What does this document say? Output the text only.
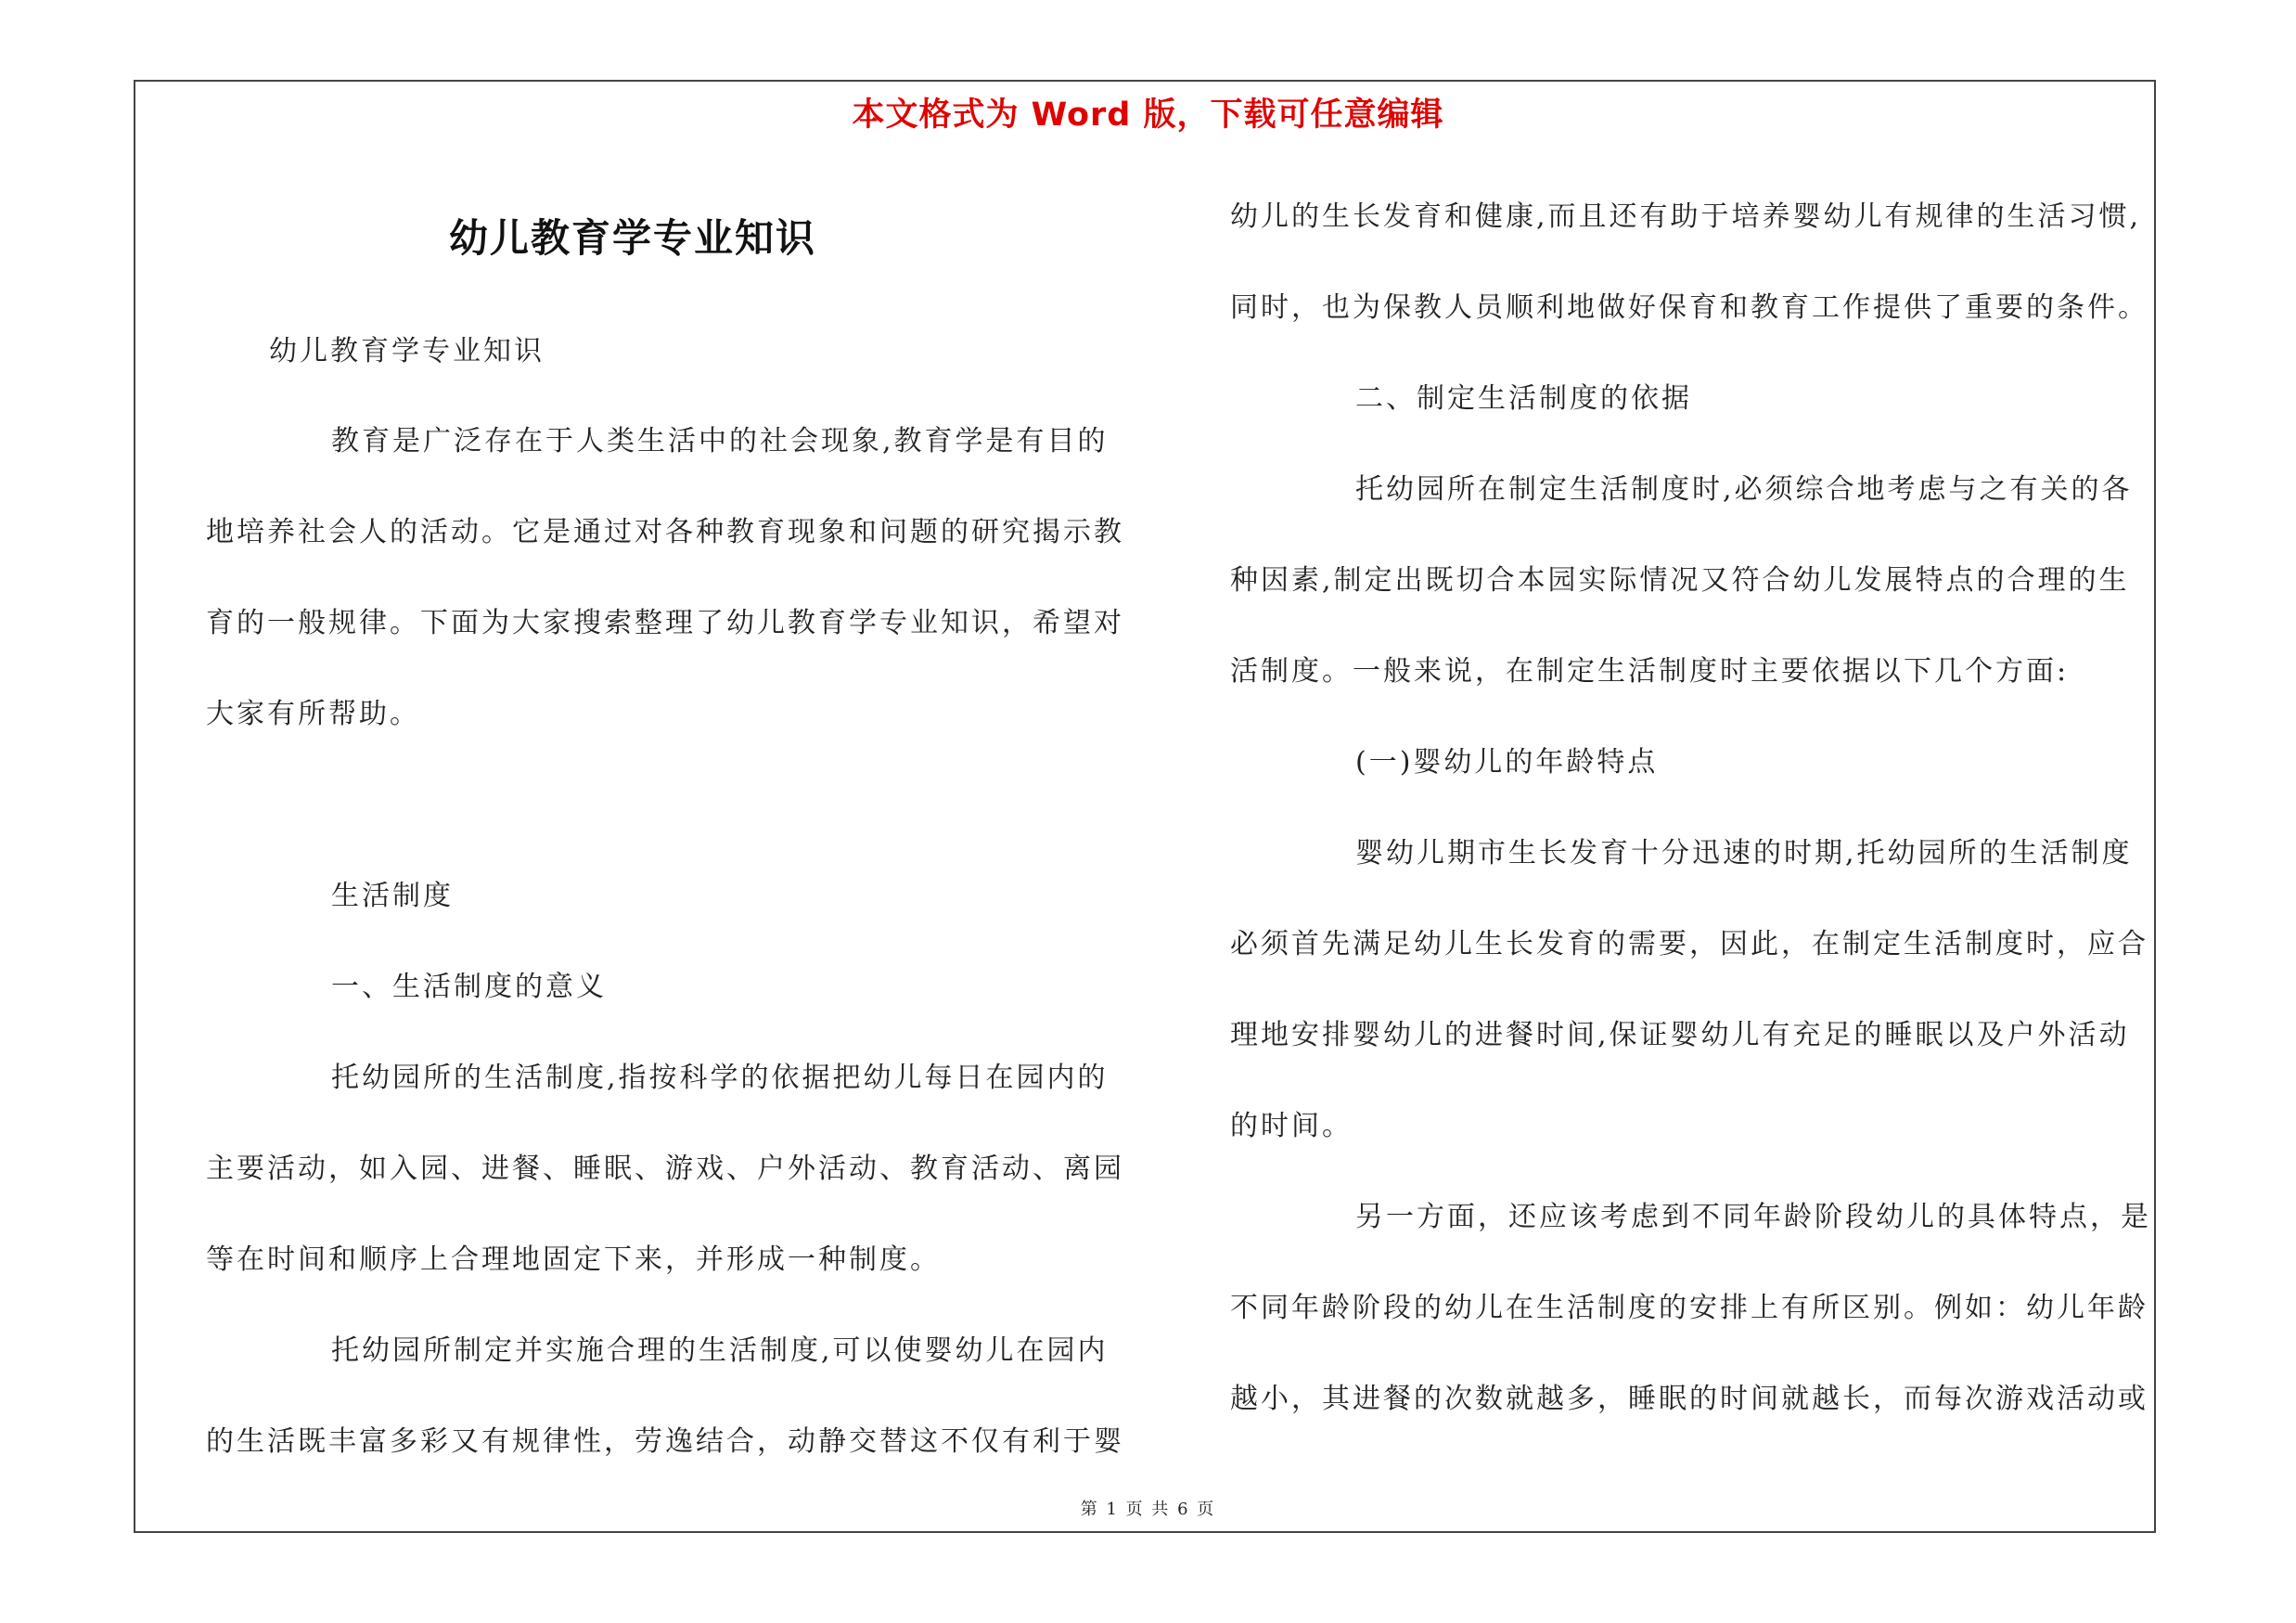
本文格式为 Word 版，下载可任意编辑
幼儿教育学专业知识
幼儿教育学专业知识
教育是广泛存在于人类生活中的社会现象,教育学是有目的
地培养社会人的活动。它是通过对各种教育现象和问题的研究揭示教
育的一般规律。下面为大家搜索整理了幼儿教育学专业知识，希望对
大家有所帮助。
生活制度
一、生活制度的意义
托幼园所的生活制度,指按科学的依据把幼儿每日在园内的
主要活动，如入园、进餐、睡眠、游戏、户外活动、教育活动、离园
等在时间和顺序上合理地固定下来，并形成一种制度。
托幼园所制定并实施合理的生活制度,可以使婴幼儿在园内
的生活既丰富多彩又有规律性，劳逸结合，动静交替这不仅有利于婴
幼儿的生长发育和健康,而且还有助于培养婴幼儿有规律的生活习惯,
同时，也为保教人员顺利地做好保育和教育工作提供了重要的条件。
二、制定生活制度的依据
托幼园所在制定生活制度时,必须综合地考虑与之有关的各
种因素,制定出既切合本园实际情况又符合幼儿发展特点的合理的生
活制度。一般来说，在制定生活制度时主要依据以下几个方面:
(一)婴幼儿的年龄特点
婴幼儿期市生长发育十分迅速的时期,托幼园所的生活制度
必须首先满足幼儿生长发育的需要，因此，在制定生活制度时，应合
理地安排婴幼儿的进餐时间,保证婴幼儿有充足的睡眠以及户外活动
的时间。
另一方面，还应该考虑到不同年龄阶段幼儿的具体特点，是
不同年龄阶段的幼儿在生活制度的安排上有所区别。例如：幼儿年龄
越小，其进餐的次数就越多，睡眠的时间就越长，而每次游戏活动或
第 1 页 共 6 页
